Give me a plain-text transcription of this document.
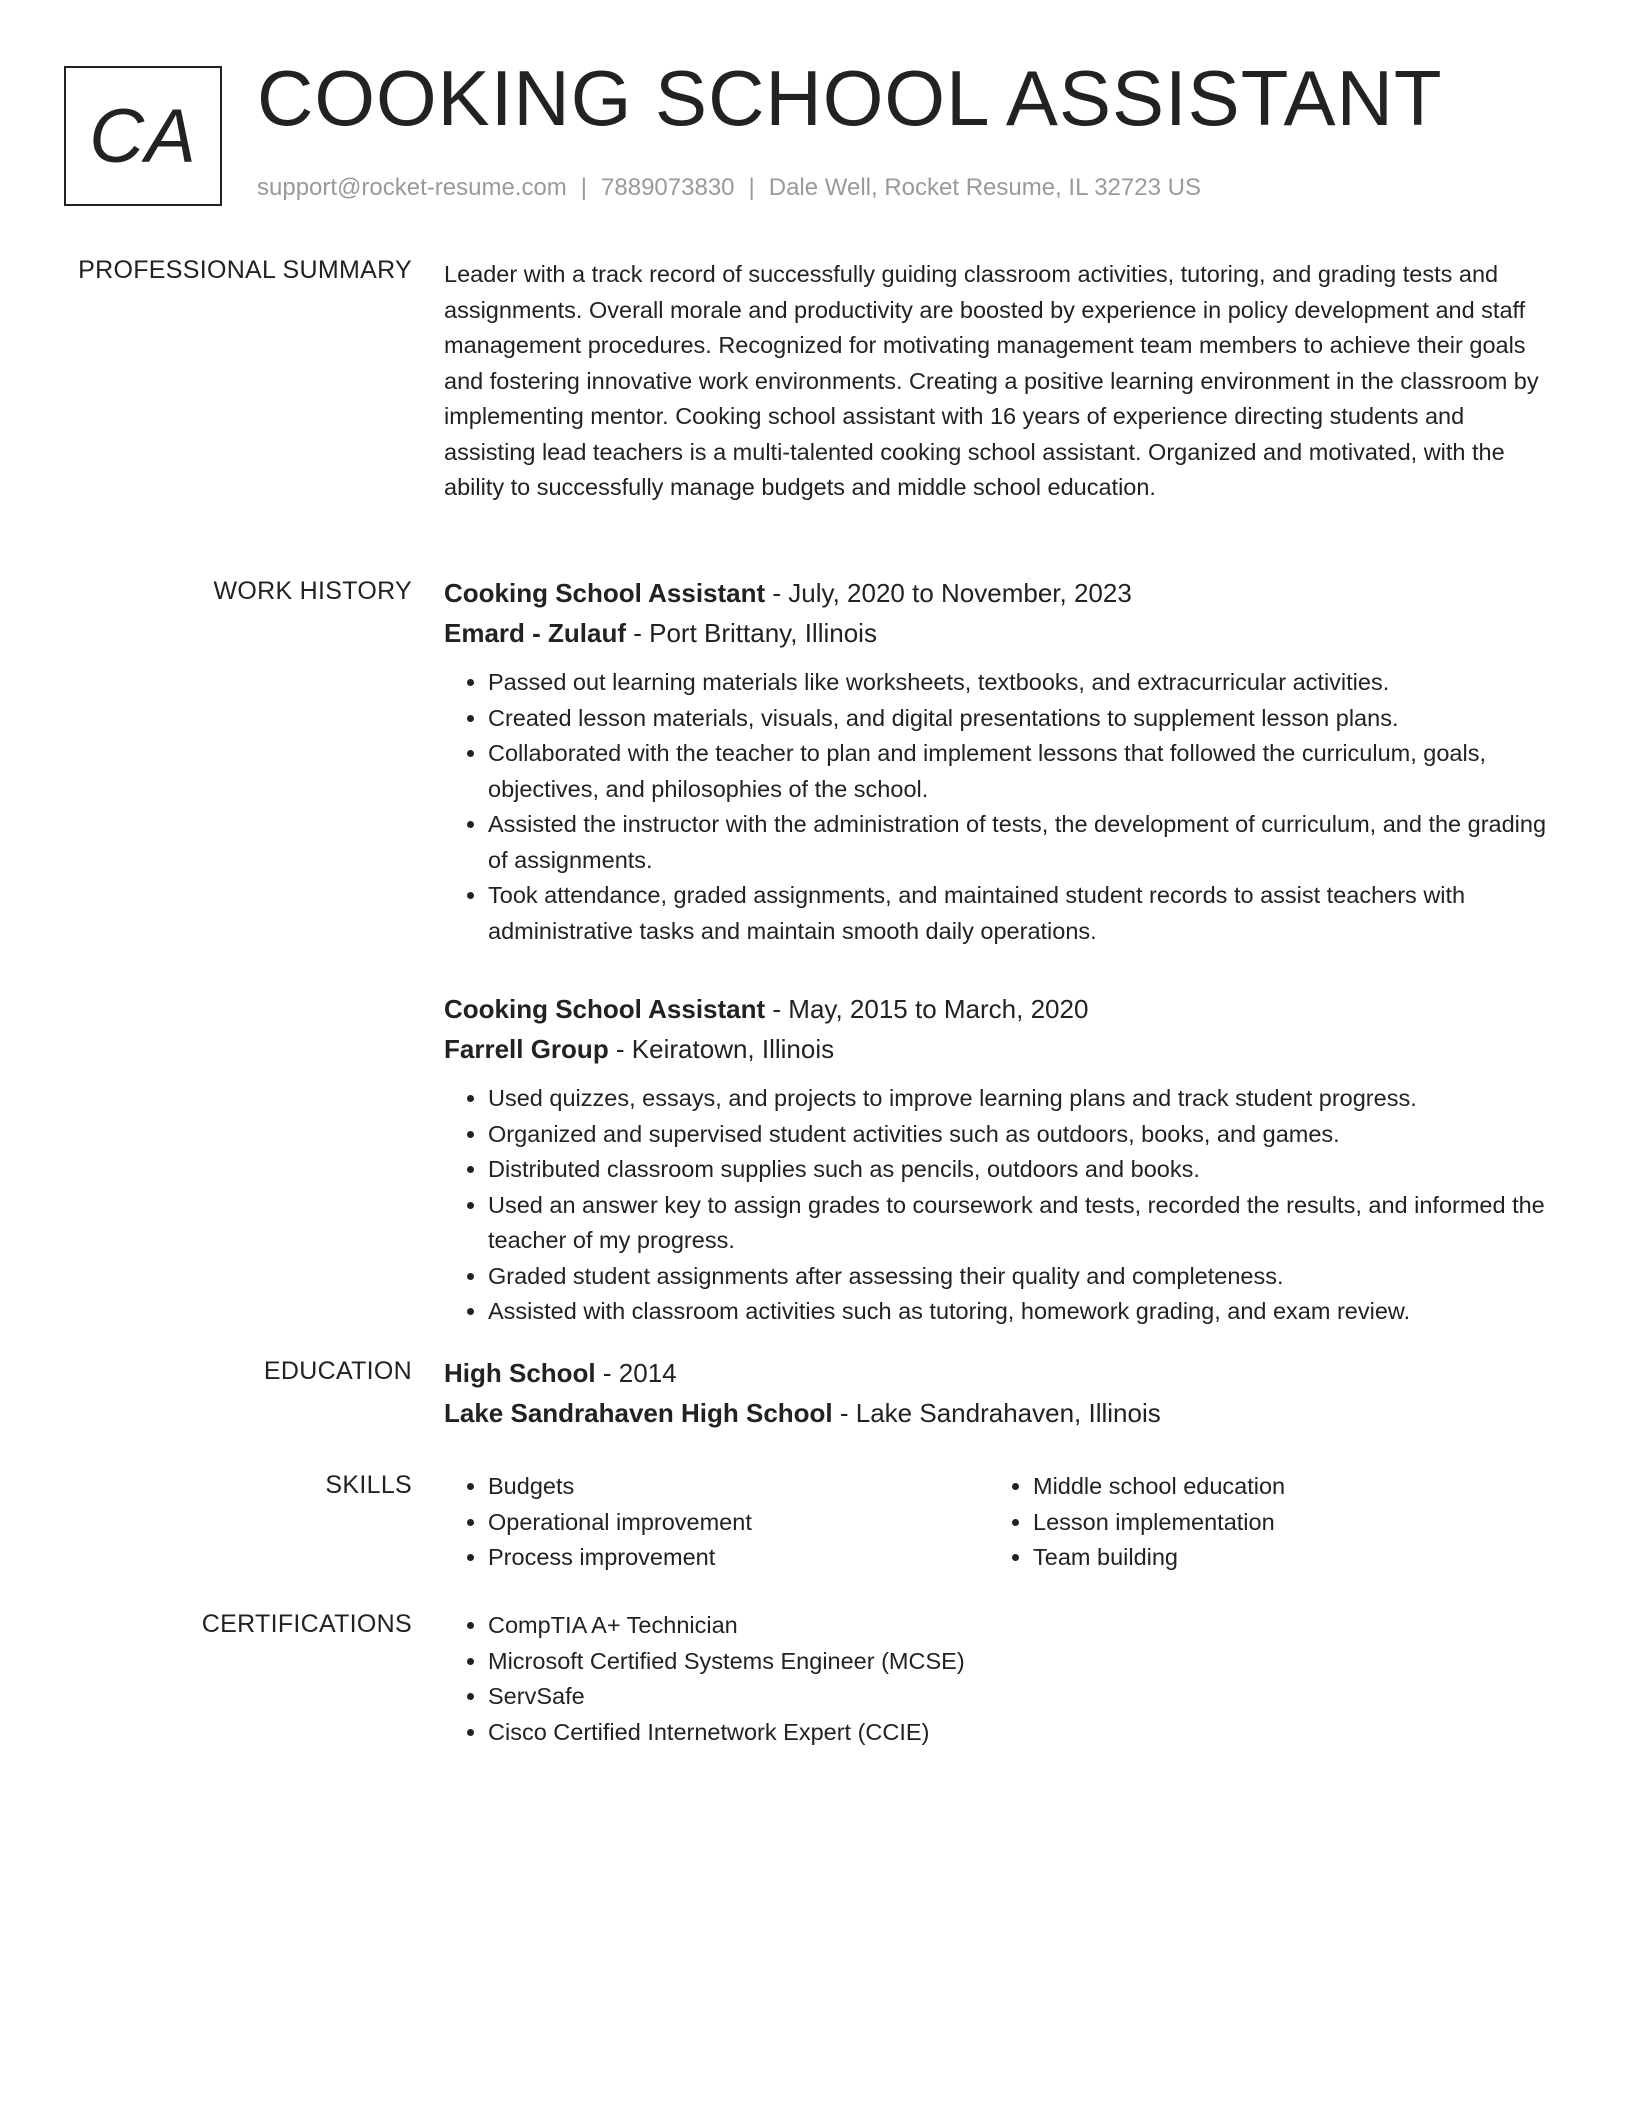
CA COOKING SCHOOL ASSISTANT
support@rocket-resume.com | 7889073830 | Dale Well, Rocket Resume, IL 32723 US
PROFESSIONAL SUMMARY Leader with a track record of successfully guiding classroom activities, tutoring, and grading tests and assignments. Overall morale and productivity are boosted by experience in policy development and staff management procedures. Recognized for motivating management team members to achieve their goals and fostering innovative work environments. Creating a positive learning environment in the classroom by implementing mentor. Cooking school assistant with 16 years of experience directing students and assisting lead teachers is a multi-talented cooking school assistant. Organized and motivated, with the ability to successfully manage budgets and middle school education.

WORK HISTORY Cooking School Assistant - July, 2020 to November, 2023
Emard - Zulauf - Port Brittany, Illinois
• Passed out learning materials like worksheets, textbooks, and extracurricular activities.
• Created lesson materials, visuals, and digital presentations to supplement lesson plans.
• Collaborated with the teacher to plan and implement lessons that followed the curriculum, goals, objectives, and philosophies of the school.
• Assisted the instructor with the administration of tests, the development of curriculum, and the grading of assignments.
• Took attendance, graded assignments, and maintained student records to assist teachers with administrative tasks and maintain smooth daily operations.
Cooking School Assistant - May, 2015 to March, 2020
Farrell Group - Keiratown, Illinois
• Used quizzes, essays, and projects to improve learning plans and track student progress.
• Organized and supervised student activities such as outdoors, books, and games.
• Distributed classroom supplies such as pencils, outdoors and books.
• Used an answer key to assign grades to coursework and tests, recorded the results, and informed the teacher of my progress.
• Graded student assignments after assessing their quality and completeness.
• Assisted with classroom activities such as tutoring, homework grading, and exam review.
EDUCATION High School - 2014
Lake Sandrahaven High School - Lake Sandrahaven, Illinois
SKILLS	• Budgets
• Operational improvement
• Process improvement
• Middle school education
• Lesson implementation
• Team building
CERTIFICATIONS	• CompTIA A+ Technician
• Microsoft Certified Systems Engineer (MCSE)
• ServSafe
• Cisco Certified Internetwork Expert (CCIE)
